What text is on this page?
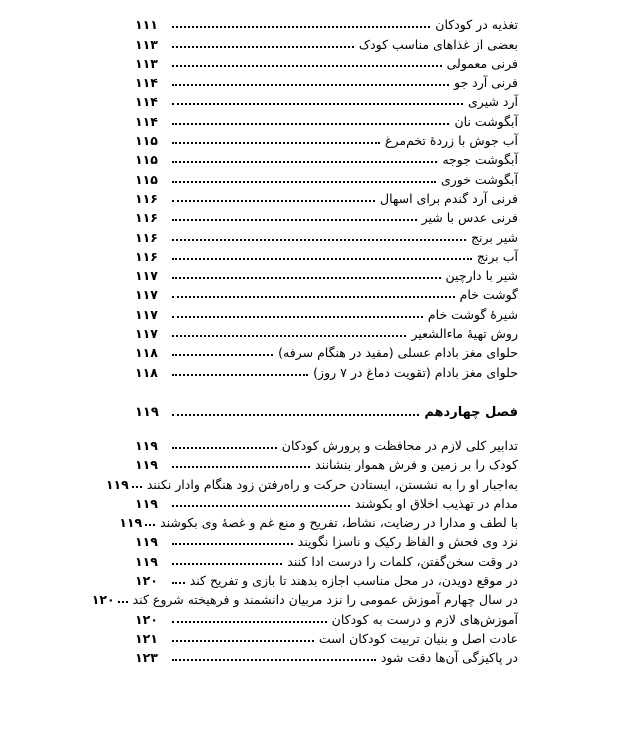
تغذیه در کودکان
۱۱۱
بعضی از غذاهای مناسب کودک
۱۱۳
فرنی معمولی
۱۱۳
فرنی آرد جو
۱۱۴
آرد شیری
۱۱۴
آبگوشت نان
۱۱۴
آب جوش با زردهٔ تخم‌مرغ
۱۱۵
آبگوشت جوجه
۱۱۵
آبگوشت خوری
۱۱۵
فرنی آرد گندم برای اسهال
۱۱۶
فرنی عدس با شیر
۱۱۶
شیر برنج
۱۱۶
آب برنج
۱۱۶
شیر با دارچین
۱۱۷
گوشت خام
۱۱۷
شیرهٔ گوشت خام
۱۱۷
روش تهیهٔ ماءالشعیر
۱۱۷
حلوای مغز بادام عسلی (مفید در هنگام سرفه)
۱۱۸
حلوای مغز بادام (تقویت دماغ در ۷ روز)
۱۱۸
فصل چهاردهم
۱۱۹
تدابیر کلی لازم در محافظت و پرورش کودکان
۱۱۹
کودک را بر زمین و فرش هموار بنشانند
۱۱۹
به‌اجبار او را به نشستن، ایستادن حرکت و راه‌رفتن زود هنگام وادار نکنند
۱۱۹
مدام در تهذیب اخلاق او بکوشند
۱۱۹
با لطف و مدارا در رضایت، نشاط، تفریح و منع غم و غصهٔ وی بکوشند
۱۱۹
نزد وی فحش و الفاظ رکیک و ناسزا نگویند
۱۱۹
در وقت سخن‌گفتن، کلمات را درست ادا کنند
۱۱۹
در موقع دویدن، در محل مناسب اجازه بدهند تا بازی و تفریح کند
۱۲۰
در سال چهارم آموزش عمومی را نزد مربیان دانشمند و فرهیخته شروع کند
۱۲۰
آموزش‌های لازم و درست به کودکان
۱۲۰
عادت اصل و بنیان تربیت کودکان است
۱۲۱
در پاکیزگی آن‌ها دقت شود
۱۲۳
